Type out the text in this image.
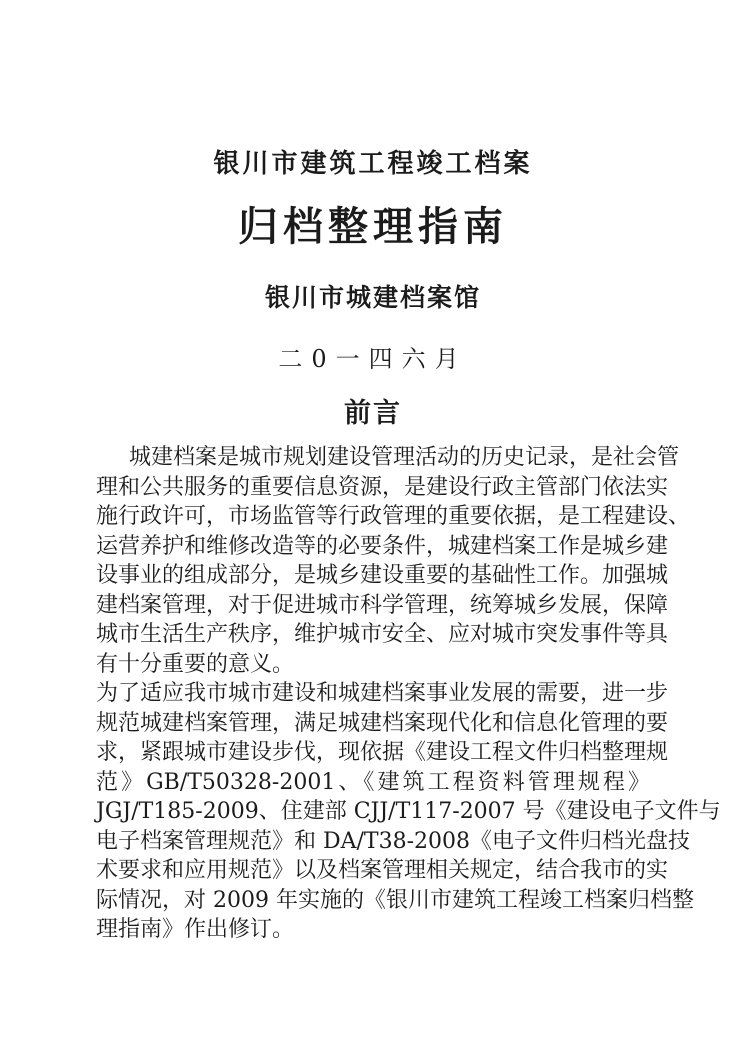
银川市建筑工程竣工档案
归档整理指南
银川市城建档案馆
二0一四六月
前言
城建档案是城市规划建设管理活动的历史记录，是社会管
理和公共服务的重要信息资源，是建设行政主管部门依法实
施行政许可，市场监管等行政管理的重要依据，是工程建设、
运营养护和维修改造等的必要条件，城建档案工作是城乡建
设事业的组成部分，是城乡建设重要的基础性工作。加强城
建档案管理，对于促进城市科学管理，统筹城乡发展，保障
城市生活生产秩序，维护城市安全、应对城市突发事件等具
有十分重要的意义。
为了适应我市城市建设和城建档案事业发展的需要，进一步
规范城建档案管理，满足城建档案现代化和信息化管理的要
求，紧跟城市建设步伐，现依据《建设工程文件归档整理规
范》GB/T50328-2001、《建筑工程资料管理规程》
JGJ/T185-2009、住建部 CJJ/T117-2007 号《建设电子文件与
电子档案管理规范》和 DA/T38-2008《电子文件归档光盘技
术要求和应用规范》以及档案管理相关规定，结合我市的实
际情况，对 2009 年实施的《银川市建筑工程竣工档案归档整
理指南》作出修订。
